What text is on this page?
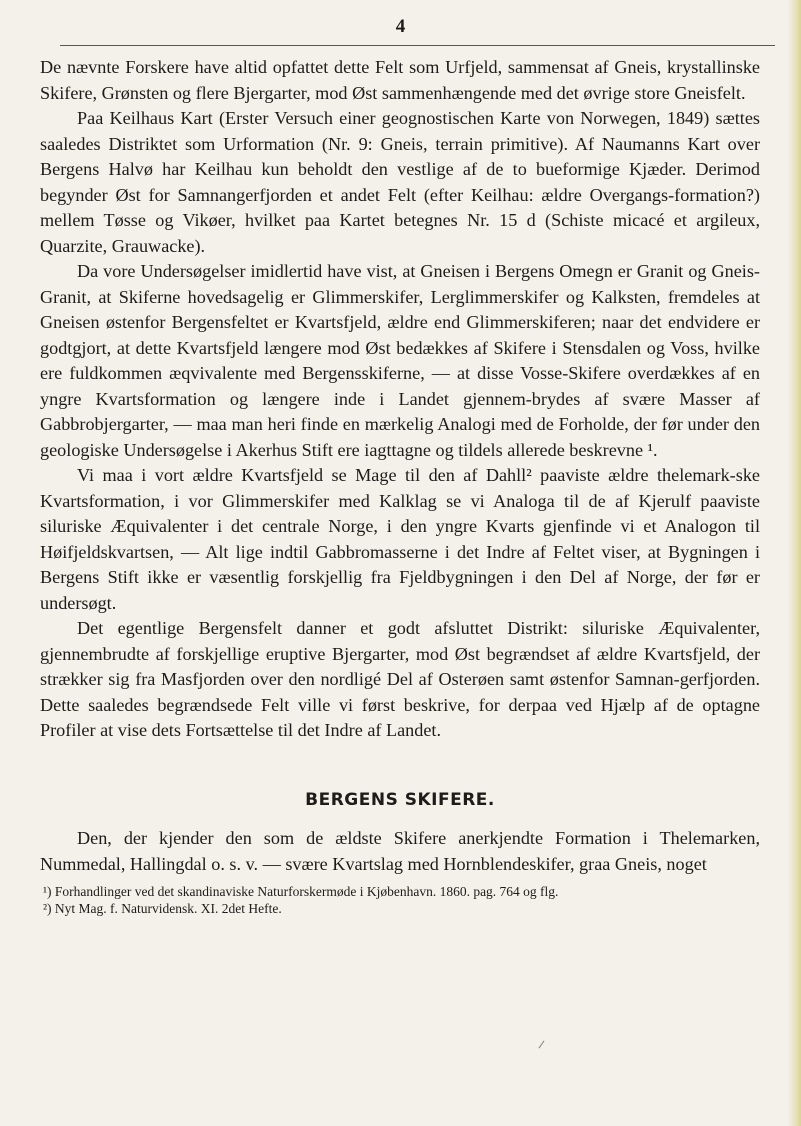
4

De nævnte Forskere have altid opfattet dette Felt som Urfjeld, sammensat af Gneis, krystallinske Skifere, Grønsten og flere Bjergarter, mod Øst sammenhængende med det øvrige store Gneisfelt.

Paa Keilhaus Kart (Erster Versuch einer geognostischen Karte von Norwegen, 1849) sættes saaledes Distriktet som Urformation (Nr. 9: Gneis, terrain primitive). Af Naumanns Kart over Bergens Halvø har Keilhau kun beholdt den vestlige af de to bueformige Kjæder. Derimod begynder Øst for Samnangerfjorden et andet Felt (efter Keilhau: ældre Overgangs-formation?) mellem Tøsse og Vikøer, hvilket paa Kartet betegnes Nr. 15 d (Schiste micacé et argileux, Quarzite, Grauwacke).

Da vore Undersøgelser imidlertid have vist, at Gneisen i Bergens Omegn er Granit og Gneis-Granit, at Skiferne hovedsagelig er Glimmerskifer, Lerglimmerskifer og Kalksten, fremdeles at Gneisen østenfor Bergensfeltet er Kvartsfjeld, ældre end Glimmerskiferen; naar det endvidere er godtgjort, at dette Kvartsfjeld længere mod Øst bedækkes af Skifere i Stensdalen og Voss, hvilke ere fuldkommen æqvivalente med Bergensskiferne, — at disse Vosse-Skifere overdækkes af en yngre Kvartsformation og længere inde i Landet gjennem-brydes af svære Masser af Gabbrobjergarter, — maa man heri finde en mærkelig Analogi med de Forholde, der før under den geologiske Undersøgelse i Akerhus Stift ere iagttagne og tildels allerede beskrevne ¹.

Vi maa i vort ældre Kvartsfjeld se Mage til den af Dahll² paaviste ældre thelemark-ske Kvartsformation, i vor Glimmerskifer med Kalklag se vi Analoga til de af Kjerulf paaviste siluriske Æquivalenter i det centrale Norge, i den yngre Kvarts gjenfinde vi et Analogon til Høifjeldskvartsen, — Alt lige indtil Gabbromasserne i det Indre af Feltet viser, at Bygningen i Bergens Stift ikke er væsentlig forskjellig fra Fjeldbygningen i den Del af Norge, der før er undersøgt.

Det egentlige Bergensfelt danner et godt afsluttet Distrikt: siluriske Æquivalenter, gjennembrudte af forskjellige eruptive Bjergarter, mod Øst begrændset af ældre Kvartsfjeld, der strækker sig fra Masfjorden over den nordligé Del af Osterøen samt østenfor Samnan-gerfjorden. Dette saaledes begrændsede Felt ville vi først beskrive, for derpaa ved Hjælp af de optagne Profiler at vise dets Fortsættelse til det Indre af Landet.

BERGENS SKIFERE.

Den, der kjender den som de ældste Skifere anerkjendte Formation i Thelemarken, Nummedal, Hallingdal o. s. v. — svære Kvartslag med Hornblendeskifer, graa Gneis, noget

¹) Forhandlinger ved det skandinaviske Naturforskermøde i Kjøbenhavn. 1860. pag. 764 og flg.

²) Nyt Mag. f. Naturvidensk. XI. 2det Hefte.
